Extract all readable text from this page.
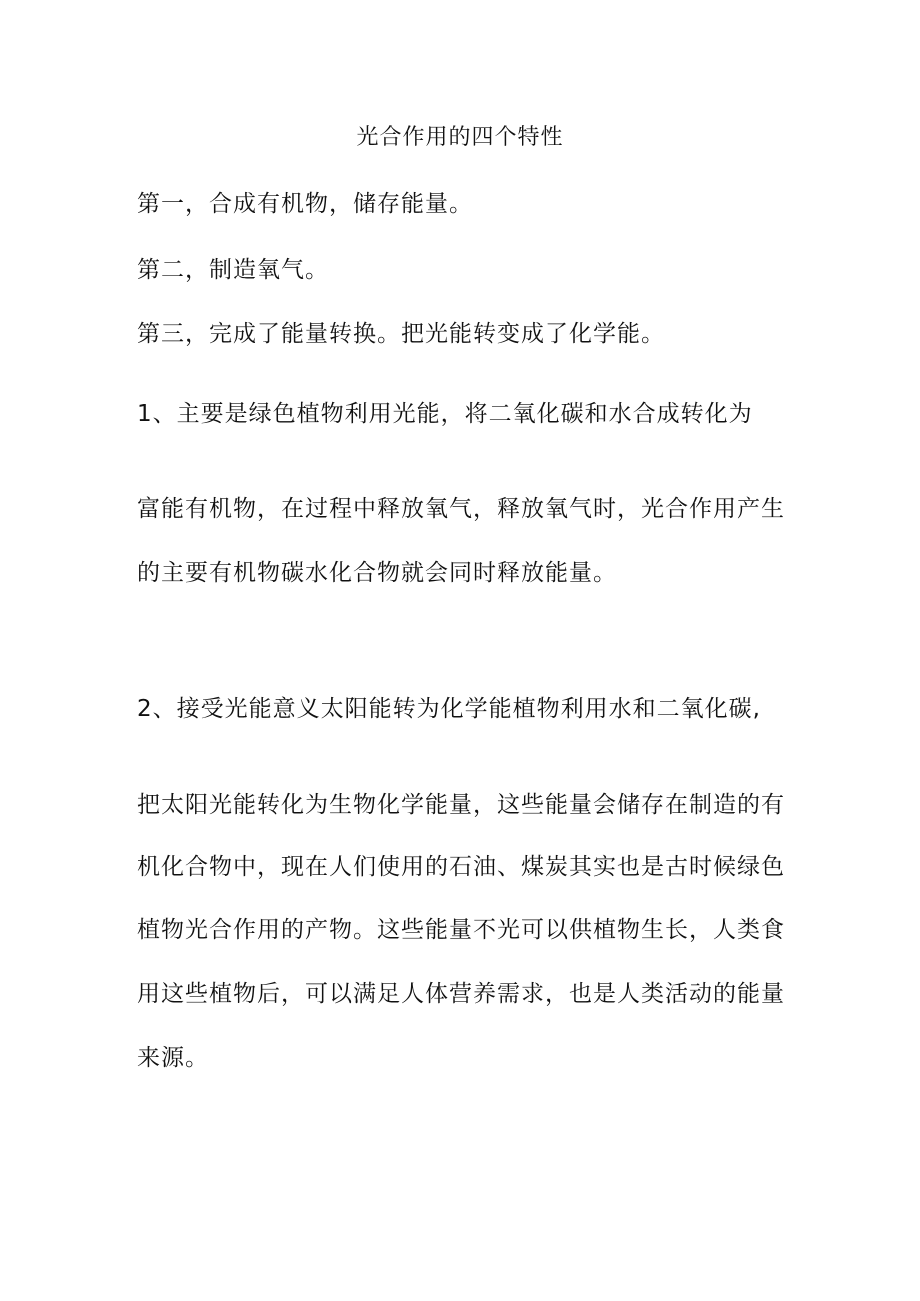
光合作用的四个特性
第一，合成有机物，储存能量。
第二，制造氧气。
第三，完成了能量转换。把光能转变成了化学能。
1、主要是绿色植物利用光能，将二氧化碳和水合成转化为
富能有机物，在过程中释放氧气，释放氧气时，光合作用产生
的主要有机物碳水化合物就会同时释放能量。
2、接受光能意义太阳能转为化学能植物利用水和二氧化碳,
把太阳光能转化为生物化学能量，这些能量会储存在制造的有
机化合物中，现在人们使用的石油、煤炭其实也是古时候绿色
植物光合作用的产物。这些能量不光可以供植物生长，人类食
用这些植物后，可以满足人体营养需求，也是人类活动的能量
来源。
